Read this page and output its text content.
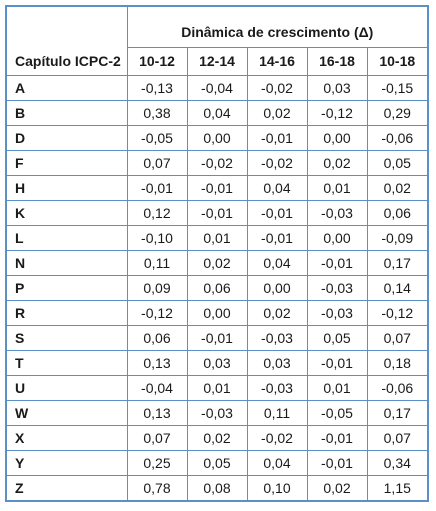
	Dinâmica de crescimento (Δ)				
Capítulo ICPC-2	10-12	12-14	14-16	16-18	10-18
A	-0,13	-0,04	-0,02	0,03	-0,15
B	0,38	0,04	0,02	-0,12	0,29
D	-0,05	0,00	-0,01	0,00	-0,06
F	0,07	-0,02	-0,02	0,02	0,05
H	-0,01	-0,01	0,04	0,01	0,02
K	0,12	-0,01	-0,01	-0,03	0,06
L	-0,10	0,01	-0,01	0,00	-0,09
N	0,11	0,02	0,04	-0,01	0,17
P	0,09	0,06	0,00	-0,03	0,14
R	-0,12	0,00	0,02	-0,03	-0,12
S	0,06	-0,01	-0,03	0,05	0,07
T	0,13	0,03	0,03	-0,01	0,18
U	-0,04	0,01	-0,03	0,01	-0,06
W	0,13	-0,03	0,11	-0,05	0,17
X	0,07	0,02	-0,02	-0,01	0,07
Y	0,25	0,05	0,04	-0,01	0,34
Z	0,78	0,08	0,10	0,02	1,15
